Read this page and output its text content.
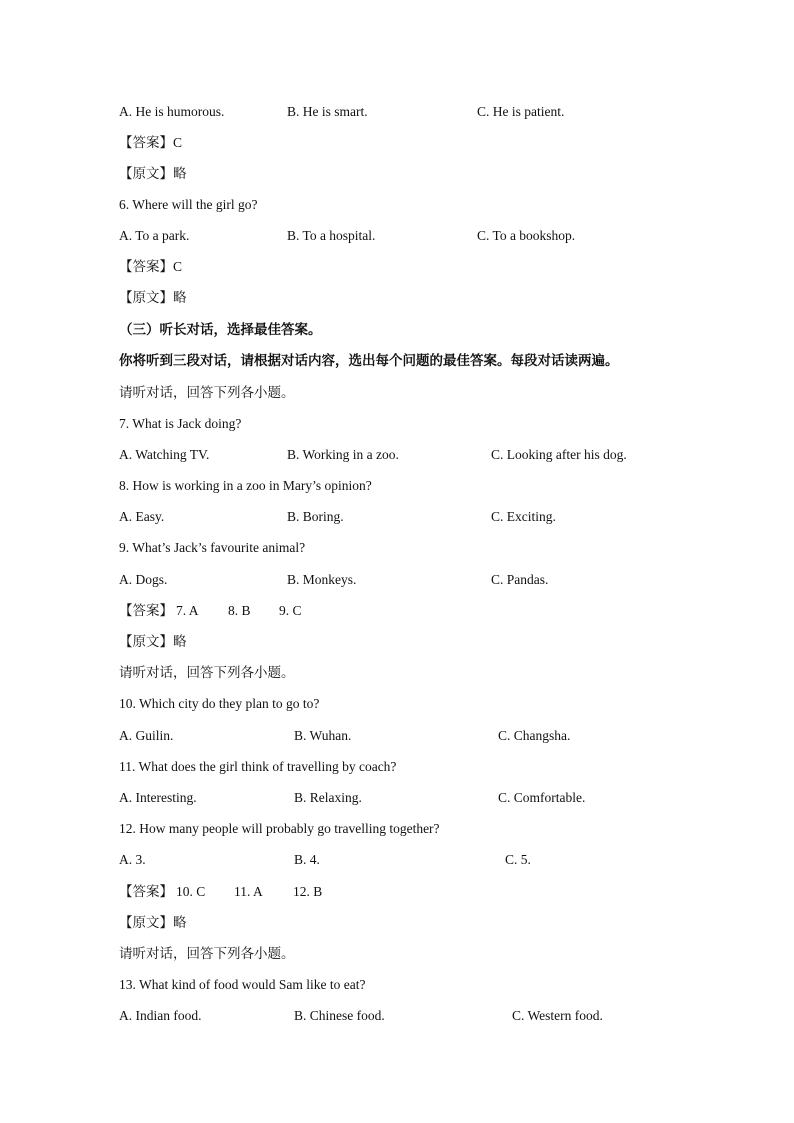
A. He is humorous.	B. He is smart.	C. He is patient.
【答案】C
【原文】略
6. Where will the girl go?
A. To a park.	B. To a hospital.	C. To a bookshop.
【答案】C
【原文】略
（三）听长对话，选择最佳答案。
你将听到三段对话，请根据对话内容，选出每个问题的最佳答案。每段对话读两遍。
请听对话，回答下列各小题。
7. What is Jack doing?
A. Watching TV.	B. Working in a zoo.	C. Looking after his dog.
8. How is working in a zoo in Mary’s opinion?
A. Easy.	B. Boring.	C. Exciting.
9. What’s Jack’s favourite animal?
A. Dogs.	B. Monkeys.	C. Pandas.
【答案】 7. A 8. B 9. C
【原文】略
请听对话，回答下列各小题。
10. Which city do they plan to go to?
A. Guilin.	B. Wuhan.	C. Changsha.
11. What does the girl think of travelling by coach?
A. Interesting.	B. Relaxing.	C. Comfortable.
12. How many people will probably go travelling together?
A. 3.	B. 4.	C. 5.
【答案】 10. C 11. A 12. B
【原文】略
请听对话，回答下列各小题。
13. What kind of food would Sam like to eat?
A. Indian food.	B. Chinese food.	C. Western food.
